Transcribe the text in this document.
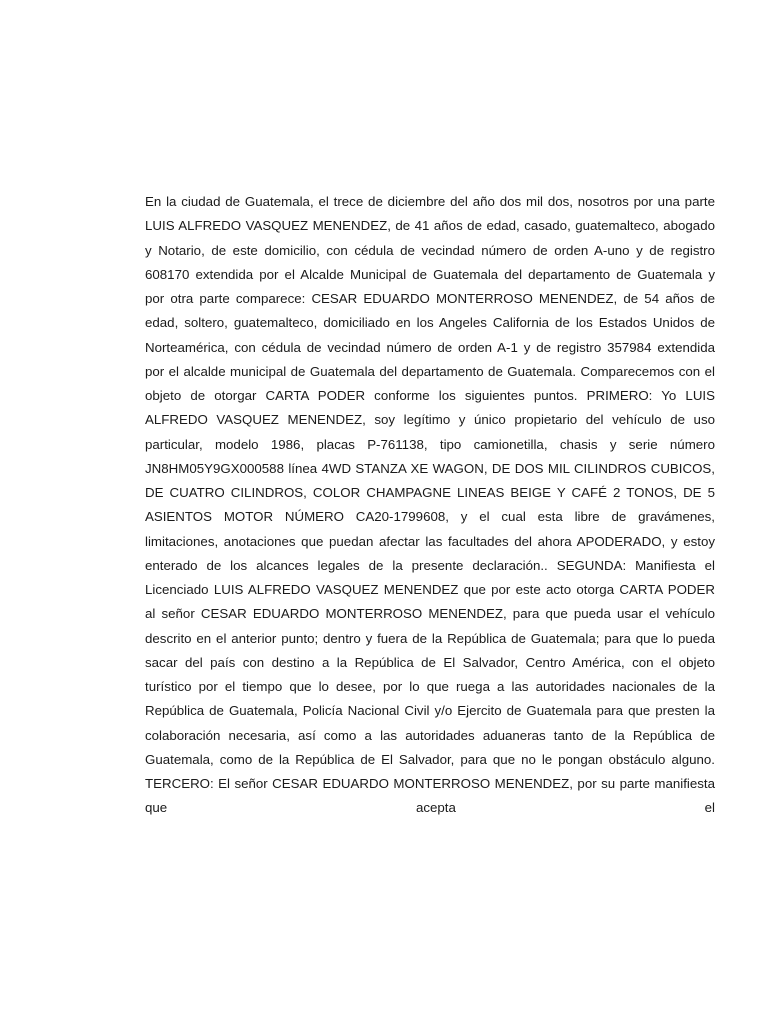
En la ciudad de Guatemala, el trece de diciembre del año dos mil dos, nosotros por una parte LUIS ALFREDO VASQUEZ MENENDEZ, de 41 años de edad, casado, guatemalteco, abogado y Notario, de este domicilio, con cédula de vecindad número de orden A-uno y de registro 608170 extendida por el Alcalde Municipal de Guatemala del departamento de Guatemala y por otra parte comparece: CESAR EDUARDO MONTERROSO MENENDEZ, de 54 años de edad, soltero, guatemalteco, domiciliado en los Angeles California de los Estados Unidos de Norteamérica, con cédula de vecindad número de orden A-1 y de registro 357984 extendida por el alcalde municipal de Guatemala del departamento de Guatemala. Comparecemos con el objeto de otorgar CARTA PODER conforme los siguientes puntos. PRIMERO: Yo LUIS ALFREDO VASQUEZ MENENDEZ, soy legítimo y único propietario del vehículo de uso particular, modelo 1986, placas P-761138, tipo camionetilla, chasis y serie número JN8HM05Y9GX000588 línea 4WD STANZA XE WAGON, DE DOS MIL CILINDROS CUBICOS, DE CUATRO CILINDROS, COLOR CHAMPAGNE LINEAS BEIGE Y CAFÉ 2 TONOS, DE 5 ASIENTOS MOTOR NÚMERO CA20-1799608, y el cual esta libre de gravámenes, limitaciones, anotaciones que puedan afectar las facultades del ahora APODERADO, y estoy enterado de los alcances legales de la presente declaración.. SEGUNDA: Manifiesta el Licenciado LUIS ALFREDO VASQUEZ MENENDEZ que por este acto otorga CARTA PODER al señor CESAR EDUARDO MONTERROSO MENENDEZ, para que pueda usar el vehículo descrito en el anterior punto; dentro y fuera de la República de Guatemala; para que lo pueda sacar del país con destino a la República de El Salvador, Centro América, con el objeto turístico por el tiempo que lo desee, por lo que ruega a las autoridades nacionales de la República de Guatemala, Policía Nacional Civil y/o Ejercito de Guatemala para que presten la colaboración necesaria, así como a las autoridades aduaneras tanto de la República de Guatemala, como de la República de El Salvador, para que no le pongan obstáculo alguno. TERCERO: El señor CESAR EDUARDO MONTERROSO MENENDEZ, por su parte manifiesta que acepta el
